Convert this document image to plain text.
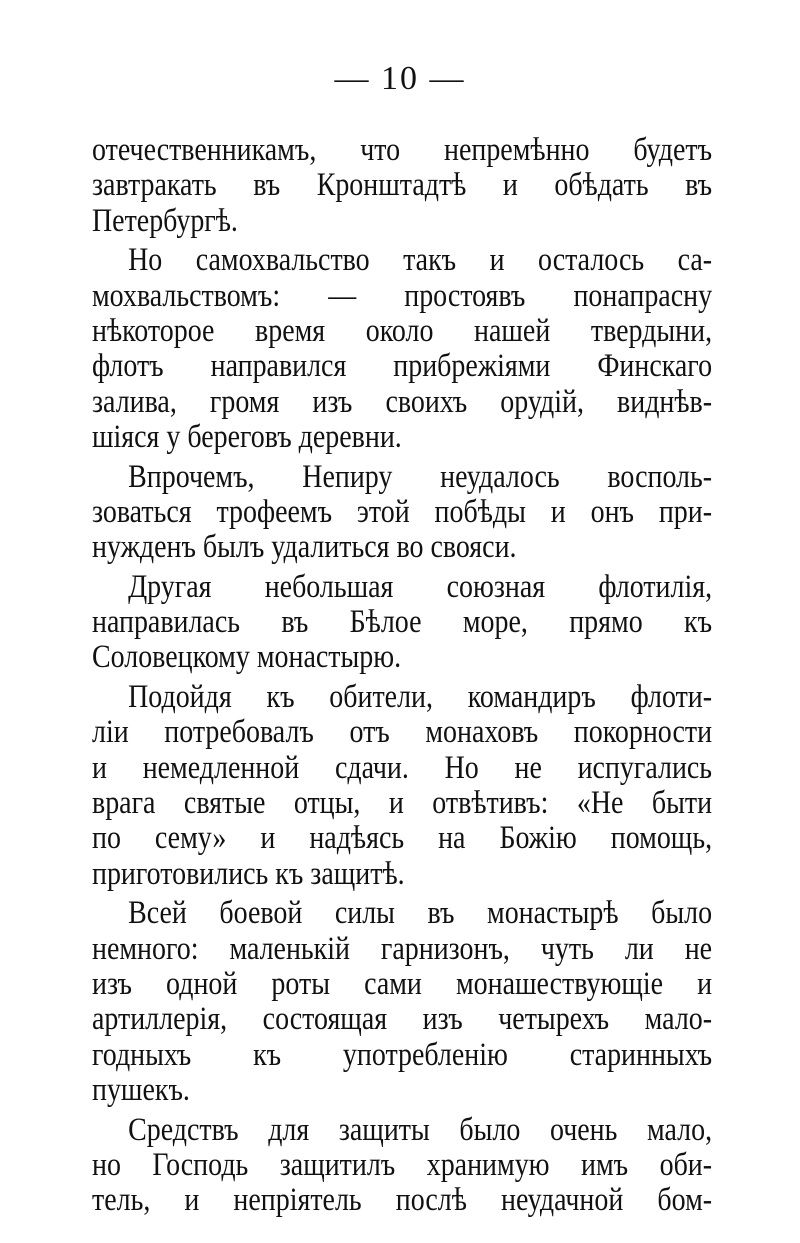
— 10 —
отечественникамъ, что непремѣнно будетъ
завтракать въ Кронштадтѣ и обѣдать въ
Петербургѣ.
Но самохвальство такъ и осталось са-
мохвальствомъ: — простоявъ понапрасну
нѣкоторое время около нашей твердыни,
флотъ направился прибрежіями Финскаго
залива, громя изъ своихъ орудій, виднѣв-
шіяся у береговъ деревни.
Впрочемъ, Непиру неудалось восполь-
зоваться трофеемъ этой побѣды и онъ при-
нужденъ былъ удалиться во свояси.
Другая небольшая союзная флотилія,
направилась въ Бѣлое море, прямо къ
Соловецкому монастырю.
Подойдя къ обители, командиръ флоти-
ліи потребовалъ отъ монаховъ покорности
и немедленной сдачи. Но не испугались
врага святые отцы, и отвѣтивъ: «Не быти
по сему» и надѣясь на Божію помощь,
приготовились къ защитѣ.
Всей боевой силы въ монастырѣ было
немного: маленькій гарнизонъ, чуть ли не
изъ одной роты сами монашествующіе и
артиллерія, состоящая изъ четырехъ мало-
годныхъ къ употребленію старинныхъ
пушекъ.
Средствъ для защиты было очень мало,
но Господь защитилъ хранимую имъ оби-
тель, и непріятель послѣ неудачной бом-
